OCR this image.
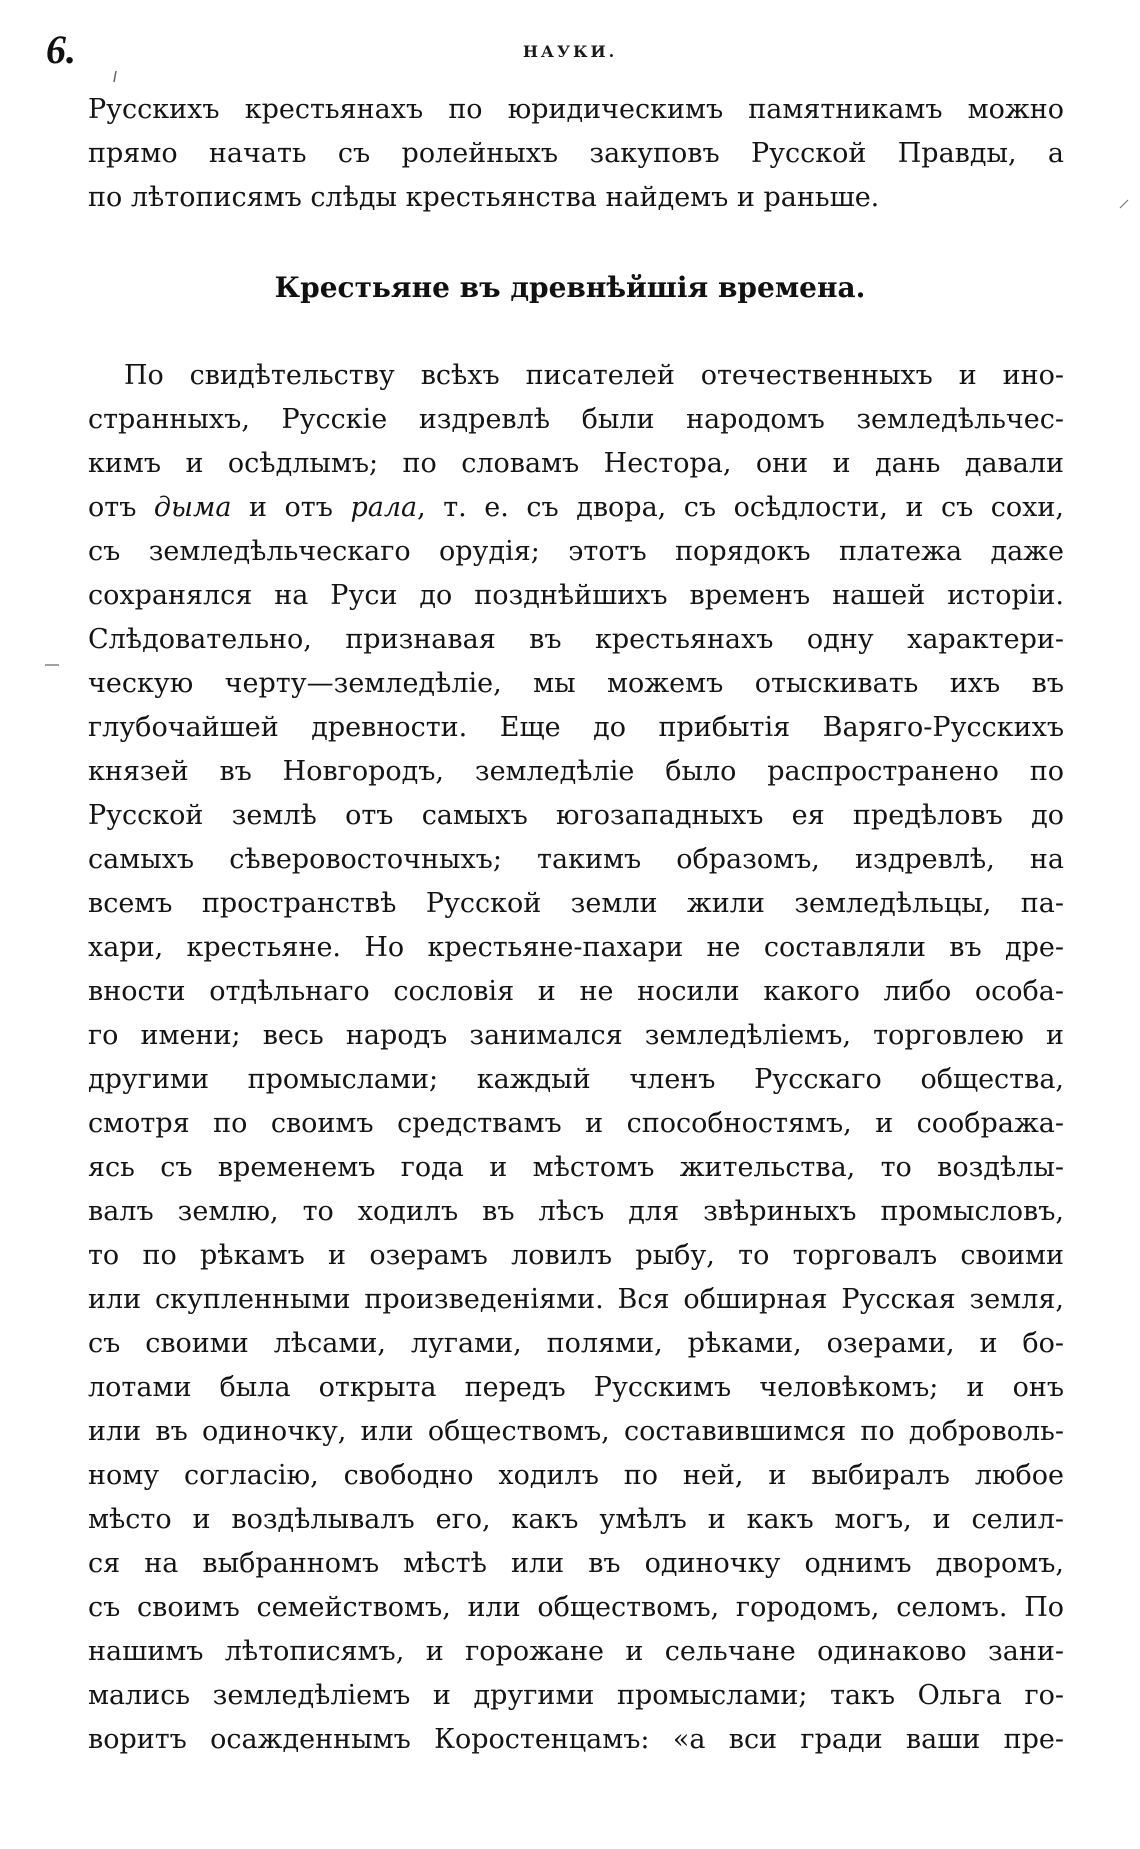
6.	НАУКИ.
Русскихъ крестьянахъ по юридическимъ памятникамъ можно
прямо начать съ ролейныхъ закуповъ Русской Правды, а
по лѣтописямъ слѣды крестьянства найдемъ и раньше.
Крестьяне въ древнѣйшія времена.
По свидѣтельству всѣхъ писателей отечественныхъ и ино-
странныхъ, Русскіе издревлѣ были народомъ земледѣльчес-
кимъ и осѣдлымъ; по словамъ Нестора, они и дань давали
отъ дыма и отъ рала, т. е. съ двора, съ осѣдлости, и съ сохи,
съ земледѣльческаго орудія; этотъ порядокъ платежа даже
сохранялся на Руси до позднѣйшихъ временъ нашей исторіи.
Слѣдовательно, признавая въ крестьянахъ одну характери-
ческую черту—земледѣліе, мы можемъ отыскивать ихъ въ
глубочайшей древности. Еще до прибытія Варяго-Русскихъ
князей въ Новгородъ, земледѣліе было распространено по
Русской землѣ отъ самыхъ югозападныхъ ея предѣловъ до
самыхъ сѣверовосточныхъ; такимъ образомъ, издревлѣ, на
всемъ пространствѣ Русской земли жили земледѣльцы, па-
хари, крестьяне. Но крестьяне-пахари не составляли въ дре-
вности отдѣльнаго сословія и не носили какого либо особа-
го имени; весь народъ занимался земледѣліемъ, торговлею и
другими промыслами; каждый членъ Русскаго общества,
смотря по своимъ средствамъ и способностямъ, и сообража-
ясь съ временемъ года и мѣстомъ жительства, то воздѣлы-
валъ землю, то ходилъ въ лѣсъ для звѣриныхъ промысловъ,
то по рѣкамъ и озерамъ ловилъ рыбу, то торговалъ своими
или скупленными произведеніями. Вся обширная Русская земля,
съ своими лѣсами, лугами, полями, рѣками, озерами, и бо-
лотами была открыта передъ Русскимъ человѣкомъ; и онъ
или въ одиночку, или обществомъ, составившимся по доброволь-
ному согласію, свободно ходилъ по ней, и выбиралъ любое
мѣсто и воздѣлывалъ его, какъ умѣлъ и какъ могъ, и селил-
ся на выбранномъ мѣстѣ или въ одиночку однимъ дворомъ,
съ своимъ семействомъ, или обществомъ, городомъ, селомъ. По
нашимъ лѣтописямъ, и горожане и сельчане одинаково зани-
мались земледѣліемъ и другими промыслами; такъ Ольга го-
воритъ осажденнымъ Коростенцамъ: «а вси гради ваши пре-
